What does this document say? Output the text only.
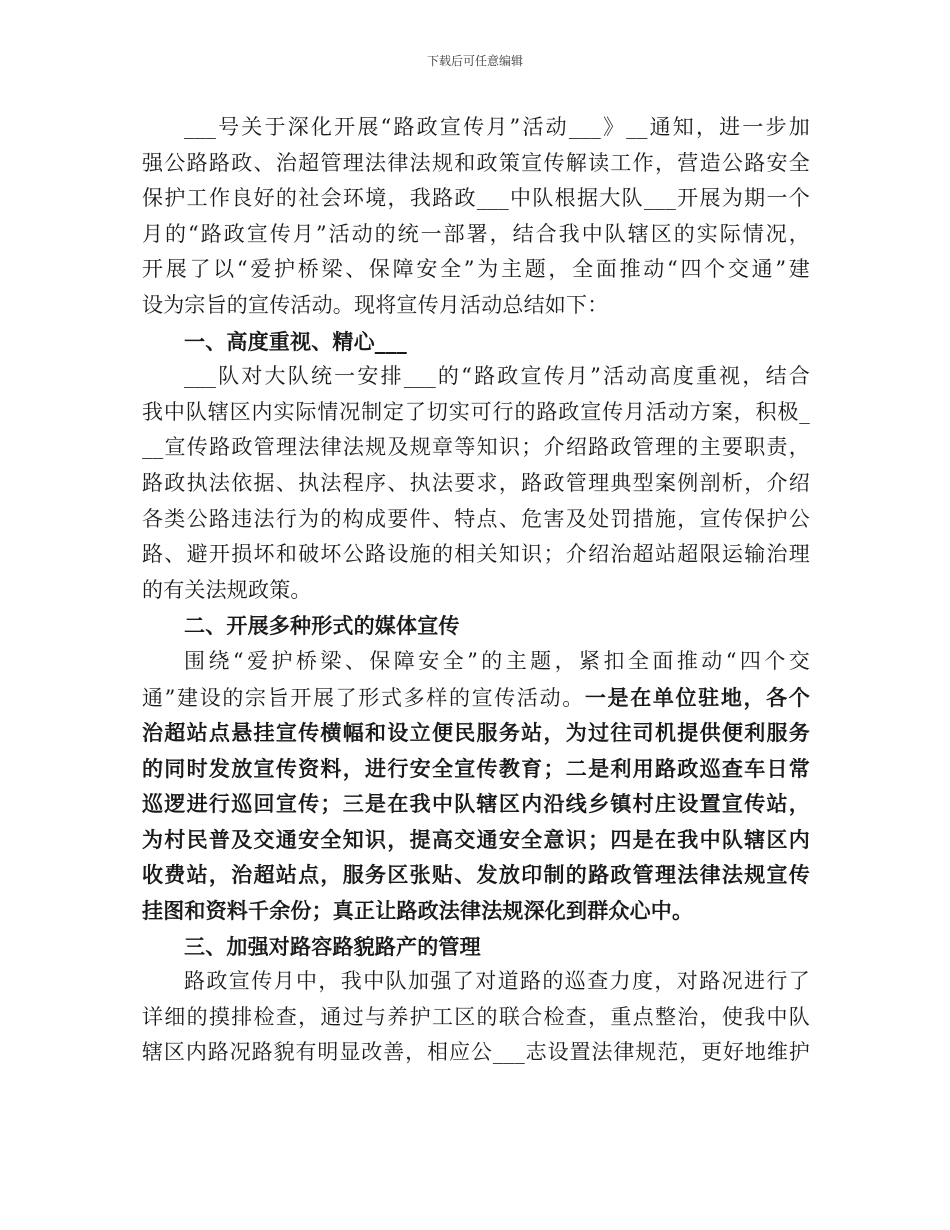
下载后可任意编辑
___号关于深化开展“路政宣传月”活动___》__通知，进一步加
强公路路政、治超管理法律法规和政策宣传解读工作，营造公路安全
保护工作良好的社会环境，我路政___中队根据大队___开展为期一个
月的“路政宣传月”活动的统一部署，结合我中队辖区的实际情况，
开展了以“爱护桥梁、保障安全”为主题，全面推动“四个交通”建
设为宗旨的宣传活动。现将宣传月活动总结如下：
一、高度重视、精心___
___队对大队统一安排___的“路政宣传月”活动高度重视，结合
我中队辖区内实际情况制定了切实可行的路政宣传月活动方案，积极_
__宣传路政管理法律法规及规章等知识；介绍路政管理的主要职责，
路政执法依据、执法程序、执法要求，路政管理典型案例剖析，介绍
各类公路违法行为的构成要件、特点、危害及处罚措施，宣传保护公
路、避开损坏和破坏公路设施的相关知识；介绍治超站超限运输治理
的有关法规政策。
二、开展多种形式的媒体宣传
围绕“爱护桥梁、保障安全”的主题，紧扣全面推动“四个交
通”建设的宗旨开展了形式多样的宣传活动。一是在单位驻地，各个
治超站点悬挂宣传横幅和设立便民服务站，为过往司机提供便利服务
的同时发放宣传资料，进行安全宣传教育；二是利用路政巡查车日常
巡逻进行巡回宣传；三是在我中队辖区内沿线乡镇村庄设置宣传站，
为村民普及交通安全知识，提高交通安全意识；四是在我中队辖区内
收费站，治超站点，服务区张贴、发放印制的路政管理法律法规宣传
挂图和资料千余份；真正让路政法律法规深化到群众心中。
三、加强对路容路貌路产的管理
路政宣传月中，我中队加强了对道路的巡查力度，对路况进行了
详细的摸排检查，通过与养护工区的联合检查，重点整治，使我中队
辖区内路况路貌有明显改善，相应公___志设置法律规范，更好地维护
